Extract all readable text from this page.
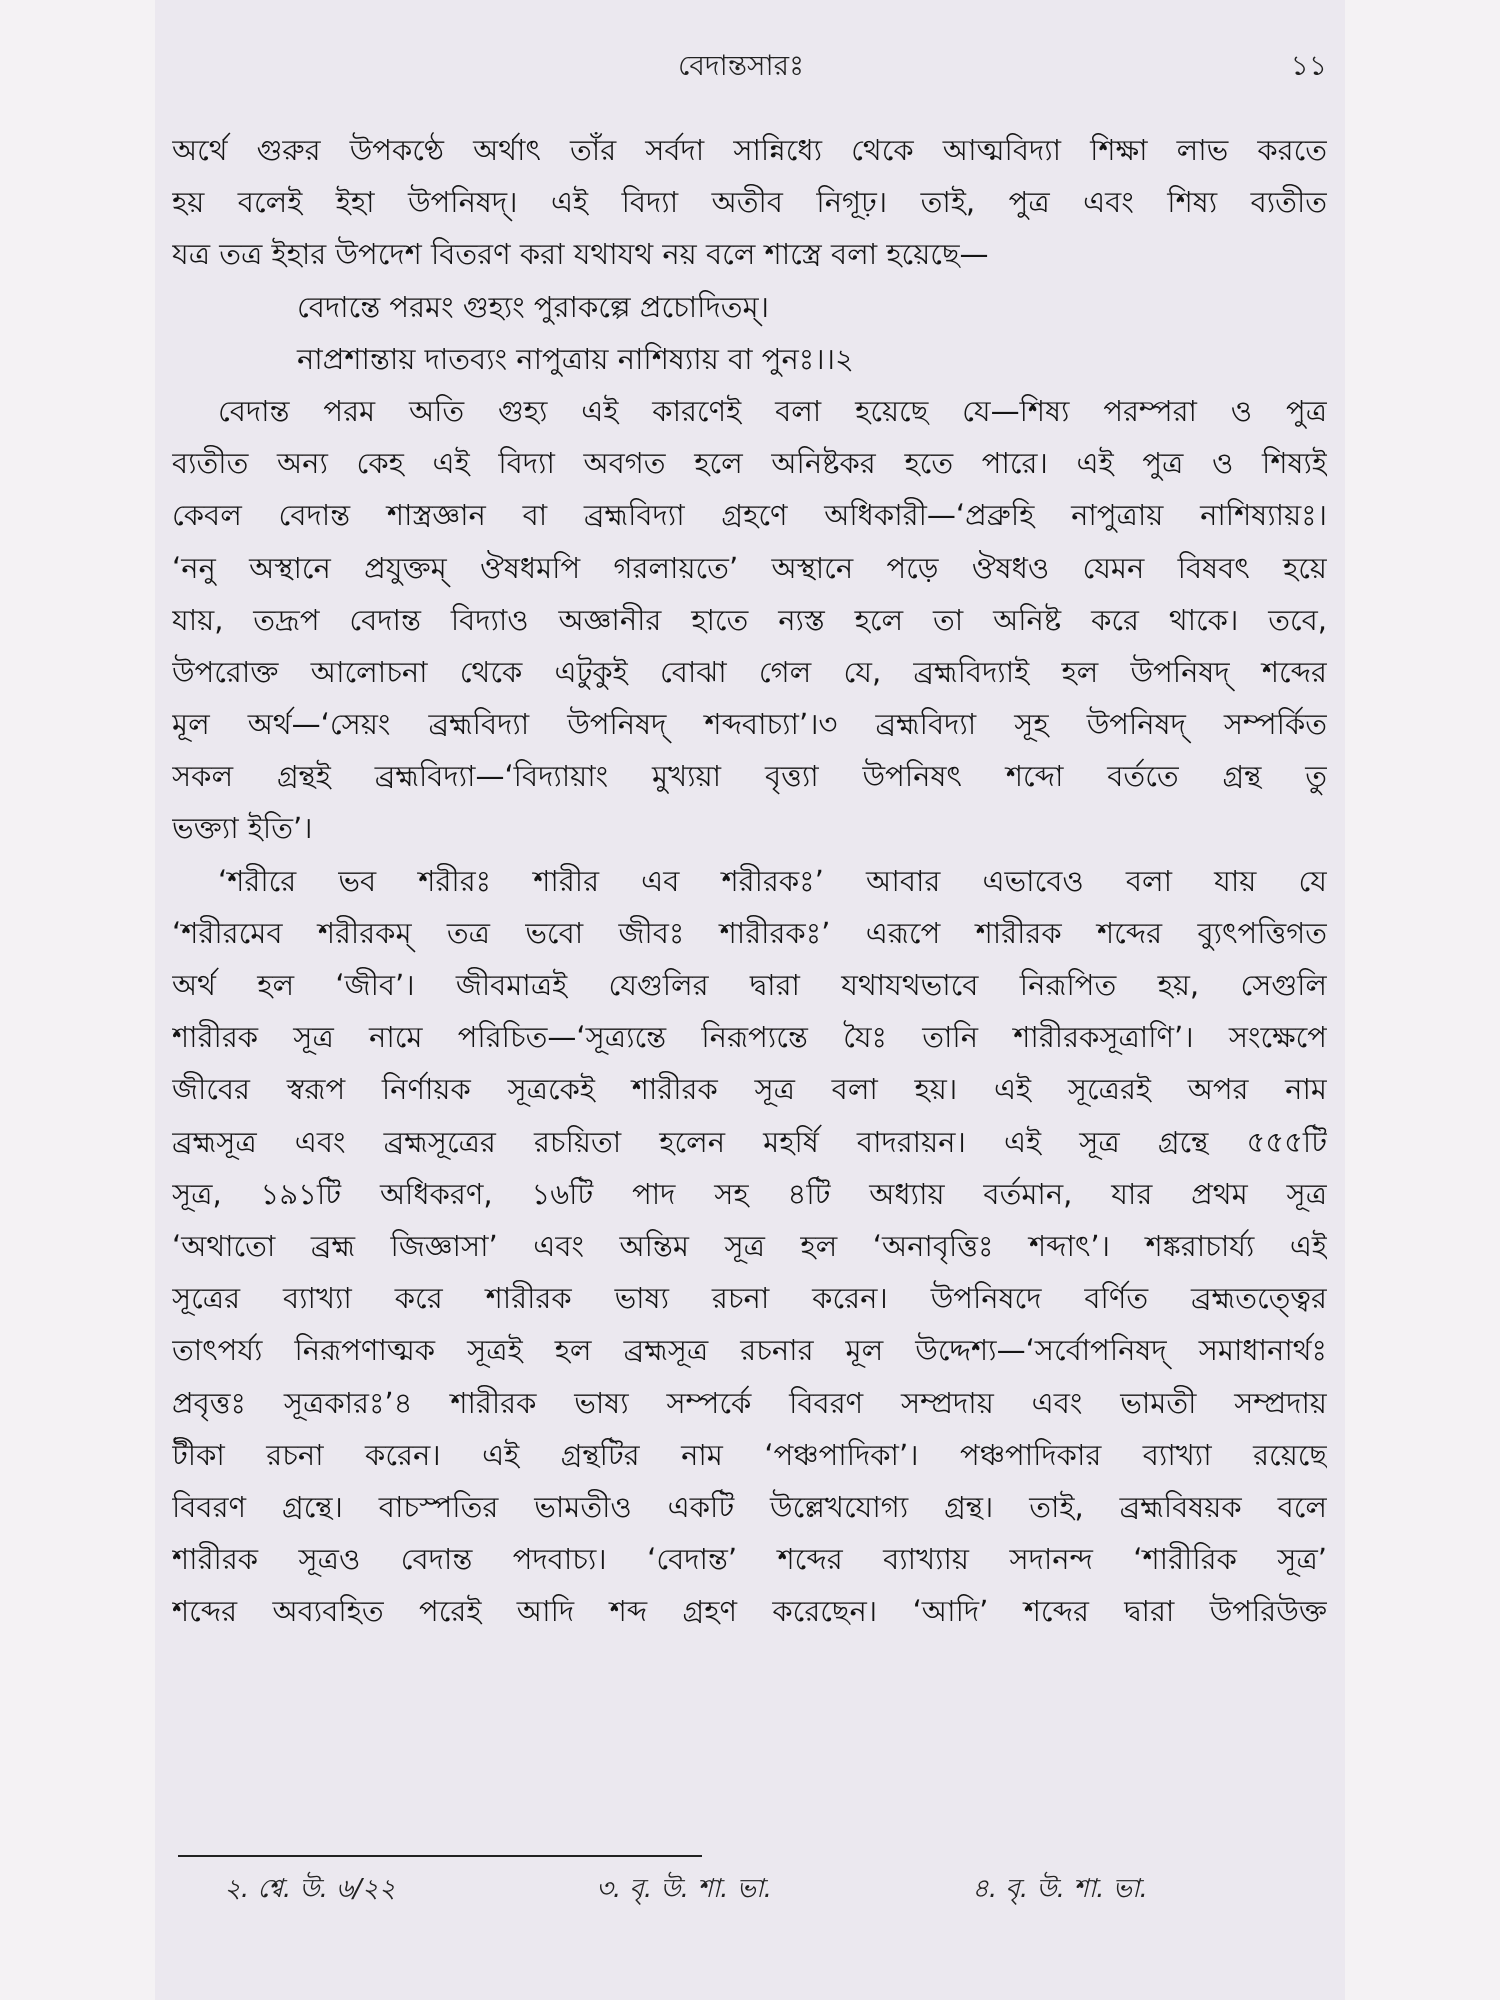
বেদান্তসারঃ	১১
অর্থে গুরুর উপকণ্ঠে অর্থাৎ তাঁর সর্বদা সান্নিধ্যে থেকে আত্মবিদ্যা শিক্ষা লাভ করতে
হয় বলেই ইহা উপনিষদ্। এই বিদ্যা অতীব নিগূঢ়। তাই, পুত্র এবং শিষ্য ব্যতীত
যত্র তত্র ইহার উপদেশ বিতরণ করা যথাযথ নয় বলে শাস্ত্রে বলা হয়েছে—
বেদান্তে পরমং গুহ্যং পুরাকল্পে প্রচোদিতম্।
নাপ্রশান্তায় দাতব্যং নাপুত্রায় নাশিষ্যায় বা পুনঃ।।২
বেদান্ত পরম অতি গুহ্য এই কারণেই বলা হয়েছে যে—শিষ্য পরম্পরা ও পুত্র
ব্যতীত অন্য কেহ এই বিদ্যা অবগত হলে অনিষ্টকর হতে পারে। এই পুত্র ও শিষ্যই
কেবল বেদান্ত শাস্ত্রজ্ঞান বা ব্রহ্মবিদ্যা গ্রহণে অধিকারী—‘প্রব্রুহি নাপুত্রায় নাশিষ্যায়ঃ।
‘ননু অস্থানে প্রযুক্তম্ ঔষধমপি গরলায়তে’ অস্থানে পড়ে ঔষধও যেমন বিষবৎ হয়ে
যায়, তদ্রূপ বেদান্ত বিদ্যাও অজ্ঞানীর হাতে ন্যস্ত হলে তা অনিষ্ট করে থাকে। তবে,
উপরোক্ত আলোচনা থেকে এটুকুই বোঝা গেল যে, ব্রহ্মবিদ্যাই হল উপনিষদ্ শব্দের
মূল অর্থ—‘সেয়ং ব্রহ্মবিদ্যা উপনিষদ্ শব্দবাচ্যা’।৩ ব্রহ্মবিদ্যা সূহ উপনিষদ্ সম্পর্কিত
সকল গ্রন্থই ব্রহ্মবিদ্যা—‘বিদ্যায়াং মুখ্যয়া বৃত্ত্যা উপনিষৎ শব্দো বর্ততে গ্রন্থ তু
ভক্ত্যা ইতি’।
‘শরীরে ভব শরীরঃ শারীর এব শরীরকঃ’ আবার এভাবেও বলা যায় যে
‘শরীরমেব শরীরকম্ তত্র ভবো জীবঃ শারীরকঃ’ এরূপে শারীরক শব্দের ব্যুৎপত্তিগত
অর্থ হল ‘জীব’। জীবমাত্রই যেগুলির দ্বারা যথাযথভাবে নিরূপিত হয়, সেগুলি
শারীরক সূত্র নামে পরিচিত—‘সূত্র্যন্তে নিরূপ্যন্তে যৈঃ তানি শারীরকসূত্রাণি’। সংক্ষেপে
জীবের স্বরূপ নির্ণায়ক সূত্রকেই শারীরক সূত্র বলা হয়। এই সূত্রেরই অপর নাম
ব্রহ্মসূত্র এবং ব্রহ্মসূত্রের রচয়িতা হলেন মহর্ষি বাদরায়ন। এই সূত্র গ্রন্থে ৫৫৫টি
সূত্র, ১৯১টি অধিকরণ, ১৬টি পাদ সহ ৪টি অধ্যায় বর্তমান, যার প্রথম সূত্র
‘অথাতো ব্রহ্ম জিজ্ঞাসা’ এবং অন্তিম সূত্র হল ‘অনাবৃত্তিঃ শব্দাৎ’। শঙ্করাচার্য্য এই
সূত্রের ব্যাখ্যা করে শারীরক ভাষ্য রচনা করেন। উপনিষদে বর্ণিত ব্রহ্মতত্ত্বের
তাৎপর্য্য নিরূপণাত্মক সূত্রই হল ব্রহ্মসূত্র রচনার মূল উদ্দেশ্য—‘সর্বোপনিষদ্ সমাধানার্থঃ
প্রবৃত্তঃ সূত্রকারঃ’৪ শারীরক ভাষ্য সম্পর্কে বিবরণ সম্প্রদায় এবং ভামতী সম্প্রদায়
টীকা রচনা করেন। এই গ্রন্থটির নাম ‘পঞ্চপাদিকা’। পঞ্চপাদিকার ব্যাখ্যা রয়েছে
বিবরণ গ্রন্থে। বাচস্পতির ভামতীও একটি উল্লেখযোগ্য গ্রন্থ। তাই, ব্রহ্মবিষয়ক বলে
শারীরক সূত্রও বেদান্ত পদবাচ্য। ‘বেদান্ত’ শব্দের ব্যাখ্যায় সদানন্দ ‘শারীরিক সূত্র’
শব্দের অব্যবহিত পরেই আদি শব্দ গ্রহণ করেছেন। ‘আদি’ শব্দের দ্বারা উপরিউক্ত
২. শ্বে. উ. ৬/২২	৩. বৃ. উ. শা. ভা.	৪. বৃ. উ. শা. ভা.
